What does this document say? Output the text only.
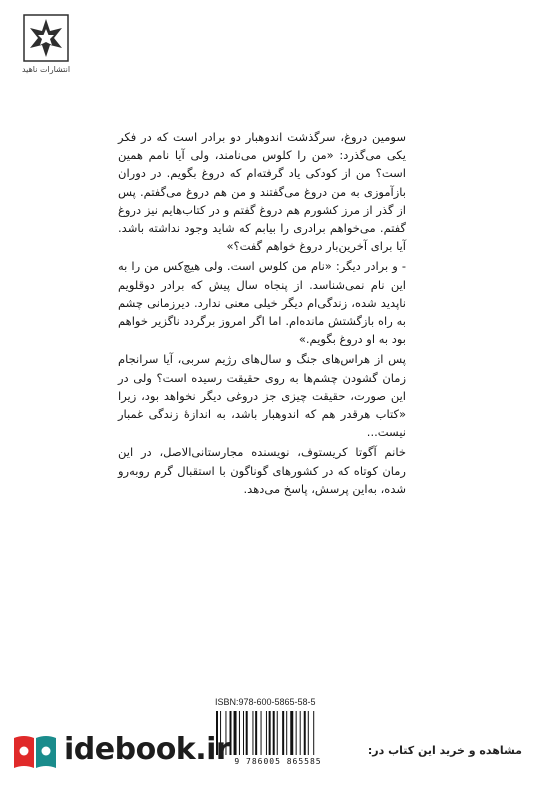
انتشارات ناهید

سومین دروغ، سرگذشت اندوهبار دو برادر است که در فکر یکی می‌گذرد: «من را کلوس می‌نامند، ولی آیا نامم همین است؟ من از کودکی یاد گرفته‌ام که دروغ بگویم. در دوران بازآموزی به من دروغ می‌گفتند و من هم دروغ می‌گفتم. پس از گذر از مرز کشورم هم دروغ گفتم و در کتاب‌هایم نیز دروغ گفتم. می‌خواهم برادری را بیابم که شاید وجود نداشته باشد. آیا برای آخرین‌بار دروغ خواهم گفت؟»

- و برادر دیگر: «نام من کلوس است. ولی هیچ‌کس من را به این نام نمی‌شناسد. از پنجاه سال پیش که برادر دوقلویم ناپدید شده، زندگی‌ام دیگر خیلی معنی ندارد. دیرزمانی چشم به راه بازگشتش مانده‌ام. اما اگر امروز برگردد ناگزیر خواهم بود به او دروغ بگویم.»

پس از هراس‌های جنگ و سال‌های رژیم سربی، آیا سرانجام زمان گشودن چشم‌ها به روی حقیقت رسیده است؟ ولی در این صورت، حقیقت چیزی جز دروغی دیگر نخواهد بود، زیرا «کتاب هرقدر هم که اندوهبار باشد، به اندازهٔ زندگی غمبار نیست...

خانم آگوتا کریستوف، نویسنده مجارستانی‌الاصل، در این رمان کوتاه که در کشورهای گوناگون با استقبال گرم روبه‌رو شده، به‌این پرسش، پاسخ می‌دهد.

ISBN:978-600-5865-58-5
9 786005 865585
idebook.ir	مشاهده و خرید این کتاب در:
